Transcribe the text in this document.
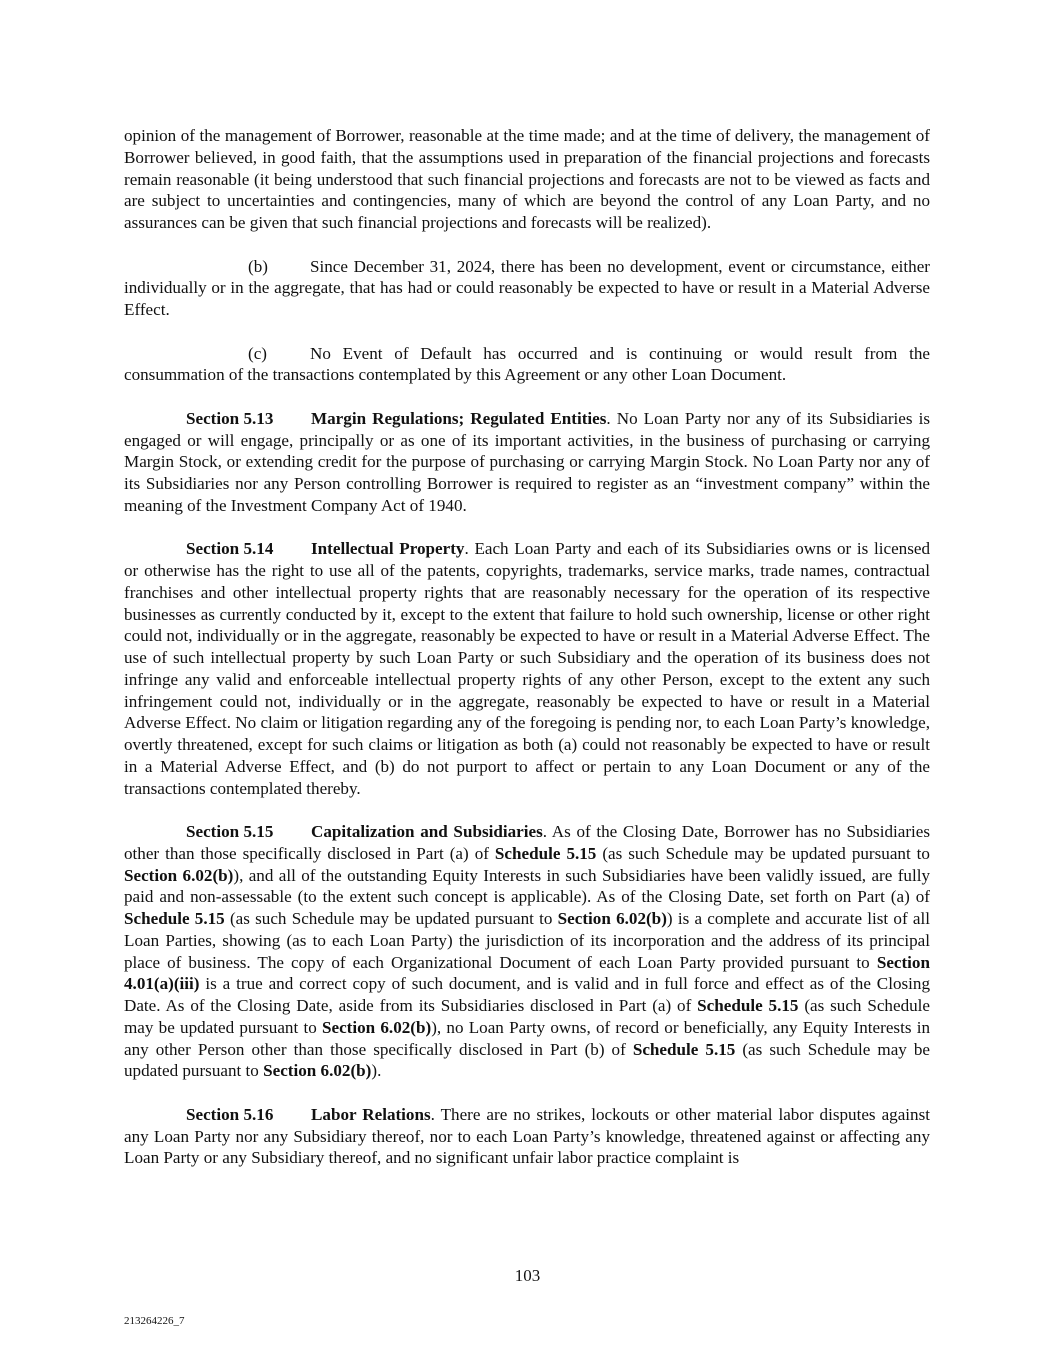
opinion of the management of Borrower, reasonable at the time made; and at the time of delivery, the management of Borrower believed, in good faith, that the assumptions used in preparation of the financial projections and forecasts remain reasonable (it being understood that such financial projections and forecasts are not to be viewed as facts and are subject to uncertainties and contingencies, many of which are beyond the control of any Loan Party, and no assurances can be given that such financial projections and forecasts will be realized).

(b) Since December 31, 2024, there has been no development, event or circumstance, either individually or in the aggregate, that has had or could reasonably be expected to have or result in a Material Adverse Effect.

(c)	No Event of Default has occurred and is continuing or would result from the consummation of the transactions contemplated by this Agreement or any other Loan Document.

Section 5.13 Margin Regulations; Regulated Entities. No Loan Party nor any of its Subsidiaries is engaged or will engage, principally or as one of its important activities, in the business of purchasing or carrying Margin Stock, or extending credit for the purpose of purchasing or carrying Margin Stock. No Loan Party nor any of its Subsidiaries nor any Person controlling Borrower is required to register as an “investment company” within the meaning of the Investment Company Act of 1940.

Section 5.14 Intellectual Property. Each Loan Party and each of its Subsidiaries owns or is licensed or otherwise has the right to use all of the patents, copyrights, trademarks, service marks, trade names, contractual franchises and other intellectual property rights that are reasonably necessary for the operation of its respective businesses as currently conducted by it, except to the extent that failure to hold such ownership, license or other right could not, individually or in the aggregate, reasonably be expected to have or result in a Material Adverse Effect. The use of such intellectual property by such Loan Party or such Subsidiary and the operation of its business does not infringe any valid and enforceable intellectual property rights of any other Person, except to the extent any such infringement could not, individually or in the aggregate, reasonably be expected to have or result in a Material Adverse Effect. No claim or litigation regarding any of the foregoing is pending nor, to each Loan Party’s knowledge, overtly threatened, except for such claims or litigation as both (a) could not reasonably be expected to have or result in a Material Adverse Effect, and (b) do not purport to affect or pertain to any Loan Document or any of the transactions contemplated thereby.

Section 5.15 Capitalization and Subsidiaries. As of the Closing Date, Borrower has no Subsidiaries other than those specifically disclosed in Part (a) of Schedule 5.15 (as such Schedule may be updated pursuant to Section 6.02(b)), and all of the outstanding Equity Interests in such Subsidiaries have been validly issued, are fully paid and non-assessable (to the extent such concept is applicable). As of the Closing Date, set forth on Part (a) of Schedule 5.15 (as such Schedule may be updated pursuant to Section 6.02(b)) is a complete and accurate list of all Loan Parties, showing (as to each Loan Party) the jurisdiction of its incorporation and the address of its principal place of business. The copy of each Organizational Document of each Loan Party provided pursuant to Section 4.01(a)(iii) is a true and correct copy of such document, and is valid and in full force and effect as of the Closing Date. As of the Closing Date, aside from its Subsidiaries disclosed in Part (a) of Schedule 5.15 (as such Schedule may be updated pursuant to Section 6.02(b)), no Loan Party owns, of record or beneficially, any Equity Interests in any other Person other than those specifically disclosed in Part (b) of Schedule 5.15 (as such Schedule may be updated pursuant to Section 6.02(b)).

Section 5.16 Labor Relations. There are no strikes, lockouts or other material labor disputes against any Loan Party nor any Subsidiary thereof, nor to each Loan Party’s knowledge, threatened against or affecting any Loan Party or any Subsidiary thereof, and no significant unfair labor practice complaint is

103
213264226_7
